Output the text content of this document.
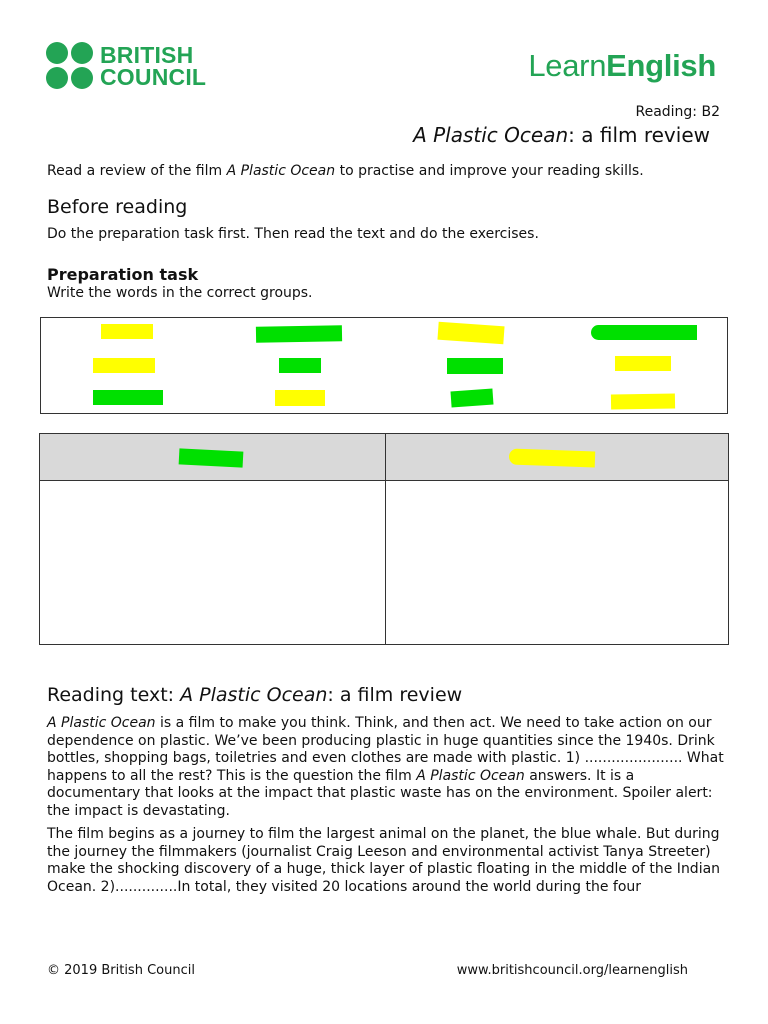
BRITISH
COUNCIL	LearnEnglish
Reading: B2
A Plastic Ocean: a film review
Read a review of the film A Plastic Ocean to practise and improve your reading skills.
Before reading
Do the preparation task first. Then read the text and do the exercises.
Preparation task
Write the words in the correct groups.
Reading text: A Plastic Ocean: a film review

A Plastic Ocean is a film to make you think. Think, and then act. We need to take action on our dependence on plastic. We’ve been producing plastic in huge quantities since the 1940s. Drink bottles, shopping bags, toiletries and even clothes are made with plastic. 1) ...................... What happens to all the rest? This is the question the film A Plastic Ocean answers. It is a documentary that looks at the impact that plastic waste has on the environment. Spoiler alert: the impact is devastating.

The film begins as a journey to film the largest animal on the planet, the blue whale. But during the journey the filmmakers (journalist Craig Leeson and environmental activist Tanya Streeter) make the shocking discovery of a huge, thick layer of plastic floating in the middle of the Indian Ocean. 2)..............In total, they visited 20 locations around the world during the four

© 2019 British Council	www.britishcouncil.org/learnenglish
